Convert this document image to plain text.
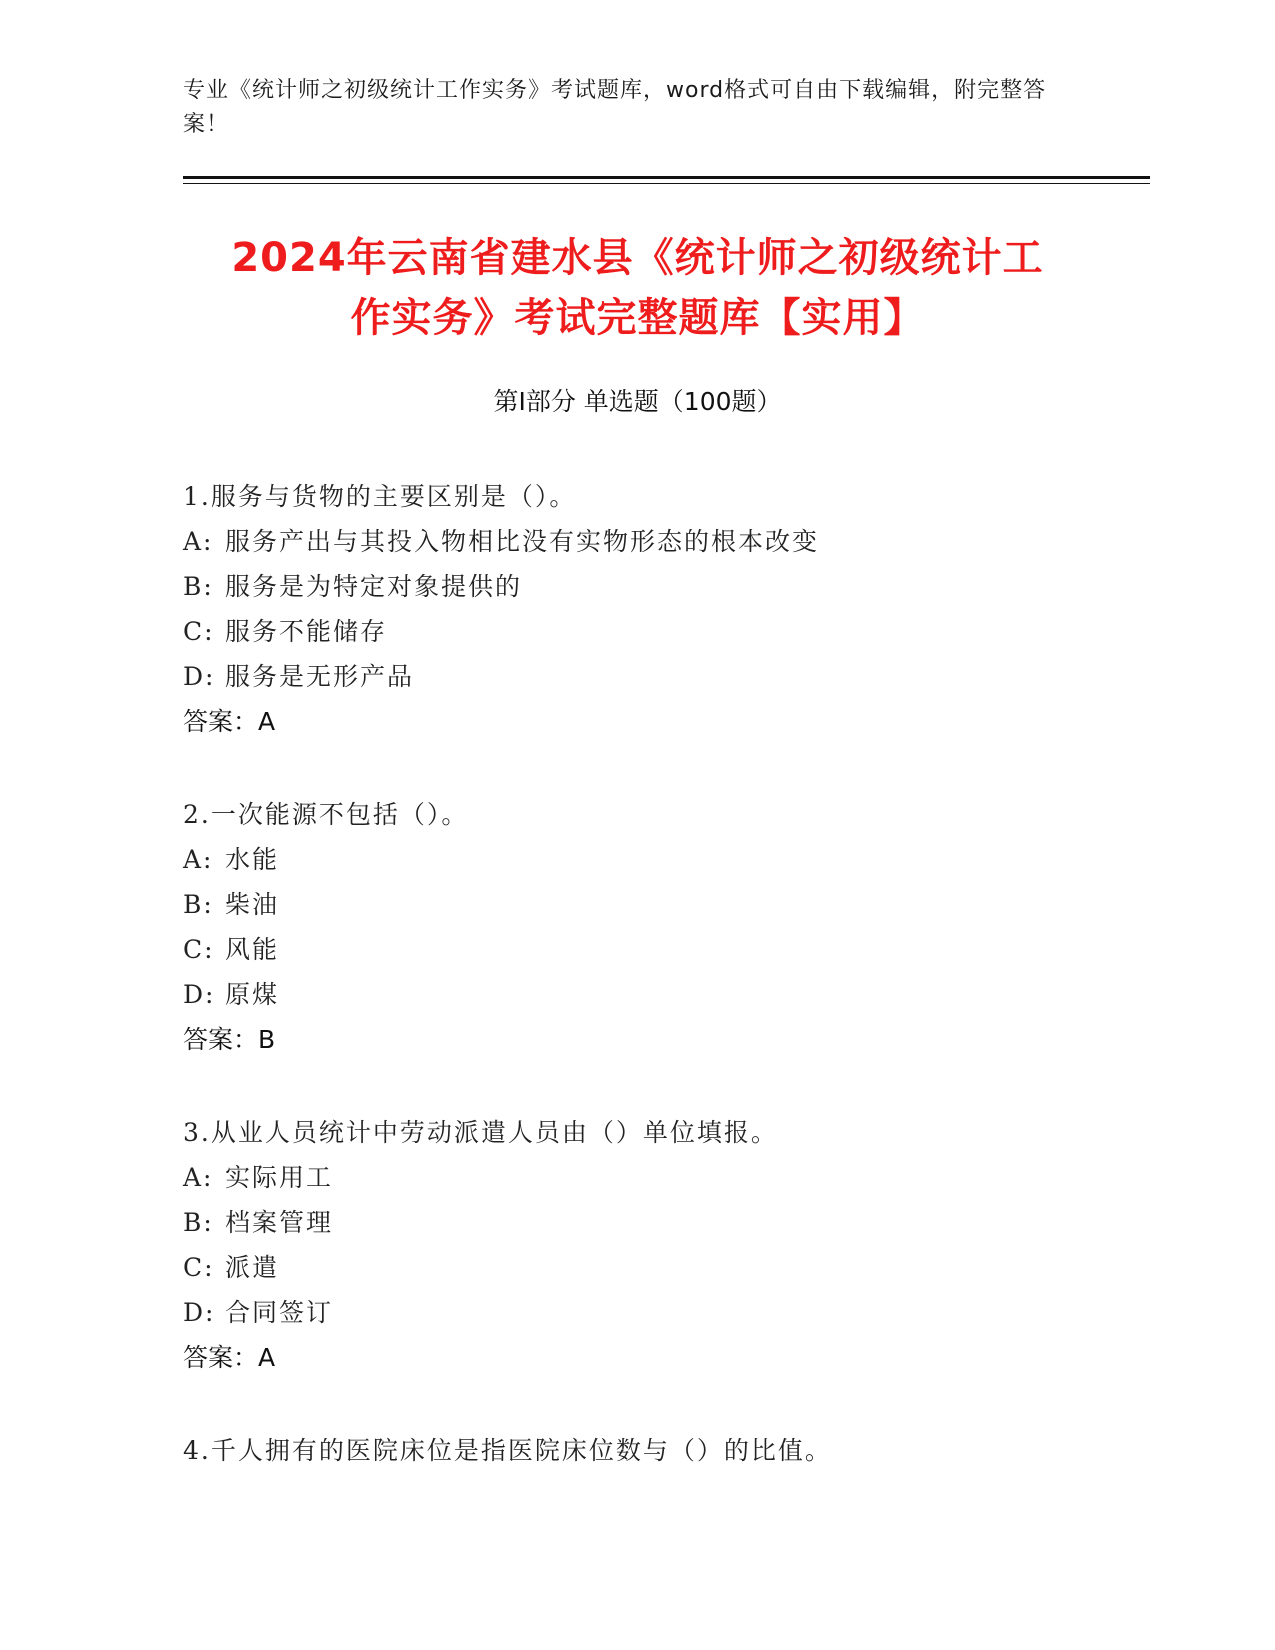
专业《统计师之初级统计工作实务》考试题库，word格式可自由下载编辑，附完整答案！
2024年云南省建水县《统计师之初级统计工
作实务》考试完整题库【实用】
第I部分 单选题（100题）
1.服务与货物的主要区别是（）。
A: 服务产出与其投入物相比没有实物形态的根本改变
B: 服务是为特定对象提供的
C: 服务不能储存
D: 服务是无形产品
答案：A
2.一次能源不包括（）。
A: 水能
B: 柴油
C: 风能
D: 原煤
答案：B
3.从业人员统计中劳动派遣人员由（）单位填报。
A: 实际用工
B: 档案管理
C: 派遣
D: 合同签订
答案：A
4.千人拥有的医院床位是指医院床位数与（）的比值。
